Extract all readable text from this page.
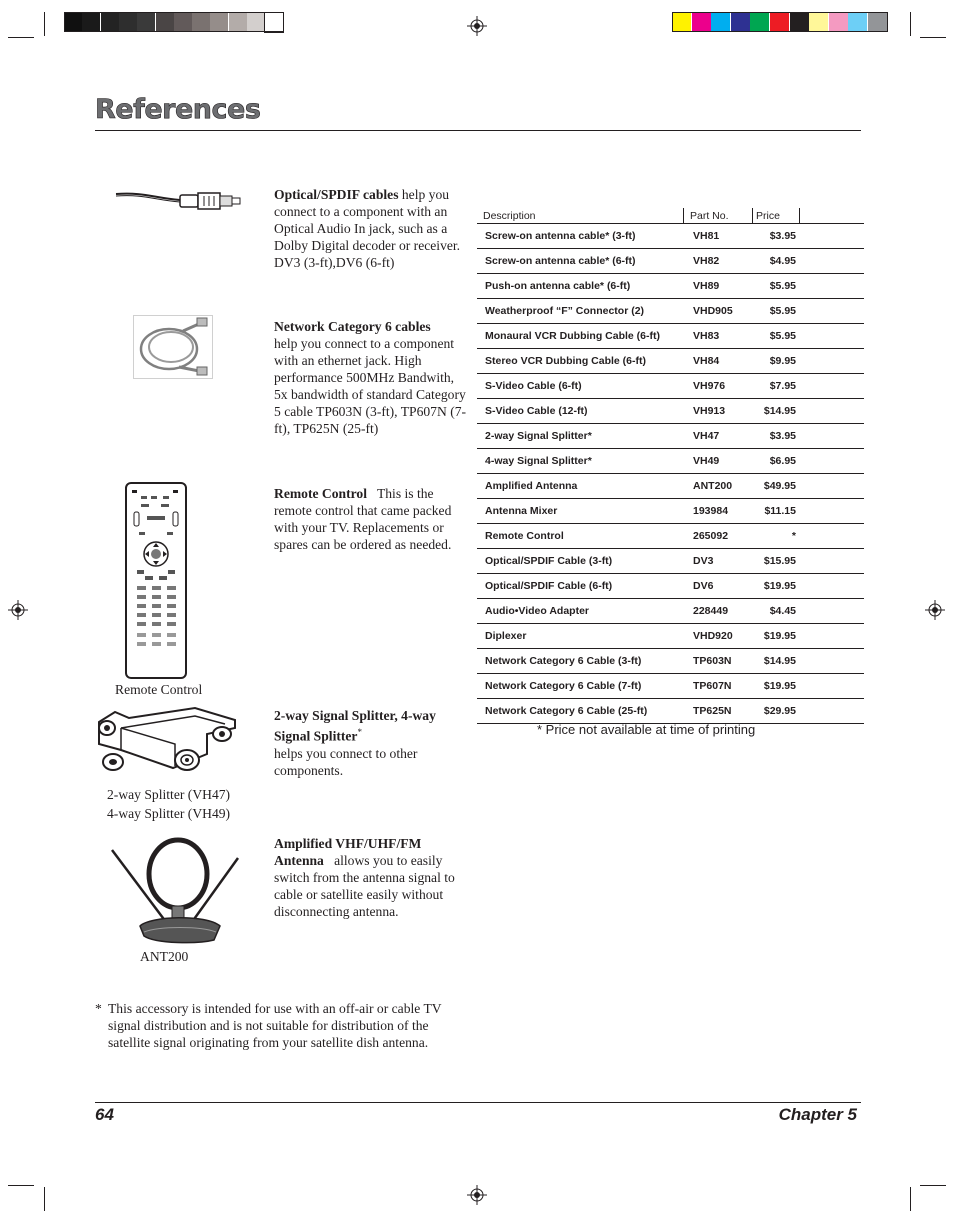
References
Optical/SPDIF cables help you connect to a component with an Optical Audio In jack, such as a Dolby Digital decoder or receiver. DV3 (3-ft),DV6 (6-ft)
Network Category 6 cables
help you connect to a component with an ethernet jack. High performance 500MHz Bandwith, 5x bandwidth of standard Category 5 cable TP603N (3-ft), TP607N (7-ft), TP625N (25-ft)
Remote Control This is the remote control that came packed with your TV. Replacements or spares can be ordered as needed.
Remote Control
2-way Signal Splitter, 4-way Signal Splitter*
helps you connect to other components.
2-way Splitter (VH47)
4-way Splitter (VH49)
Amplified VHF/UHF/FM
Antenna allows you to easily
switch from the antenna signal to cable or satellite easily without disconnecting antenna.
ANT200
* This accessory is intended for use with an off-air or cable TV signal distribution and is not suitable for distribution of the satellite signal originating from your satellite dish antenna.
Description	Part No.	Price
Screw-on antenna cable* (3-ft)	VH81	$3.95
Screw-on antenna cable* (6-ft)	VH82	$4.95
Push-on antenna cable* (6-ft)	VH89	$5.95
Weatherproof “F” Connector (2)	VHD905	$5.95
Monaural VCR Dubbing Cable (6-ft)	VH83	$5.95
Stereo VCR Dubbing Cable (6-ft)	VH84	$9.95
S-Video Cable (6-ft)	VH976	$7.95
S-Video Cable (12-ft)	VH913	$14.95
2-way Signal Splitter*	VH47	$3.95
4-way Signal Splitter*	VH49	$6.95
Amplified Antenna	ANT200	$49.95
Antenna Mixer	193984	$11.15
Remote Control	265092	*
Optical/SPDIF Cable (3-ft)	DV3	$15.95
Optical/SPDIF Cable (6-ft)	DV6	$19.95
Audio•Video Adapter	228449	$4.45
Diplexer	VHD920	$19.95
Network Category 6 Cable (3-ft)	TP603N	$14.95
Network Category 6 Cable (7-ft)	TP607N	$19.95
Network Category 6 Cable (25-ft)	TP625N	$29.95
* Price not available at time of printing
64	Chapter 5
